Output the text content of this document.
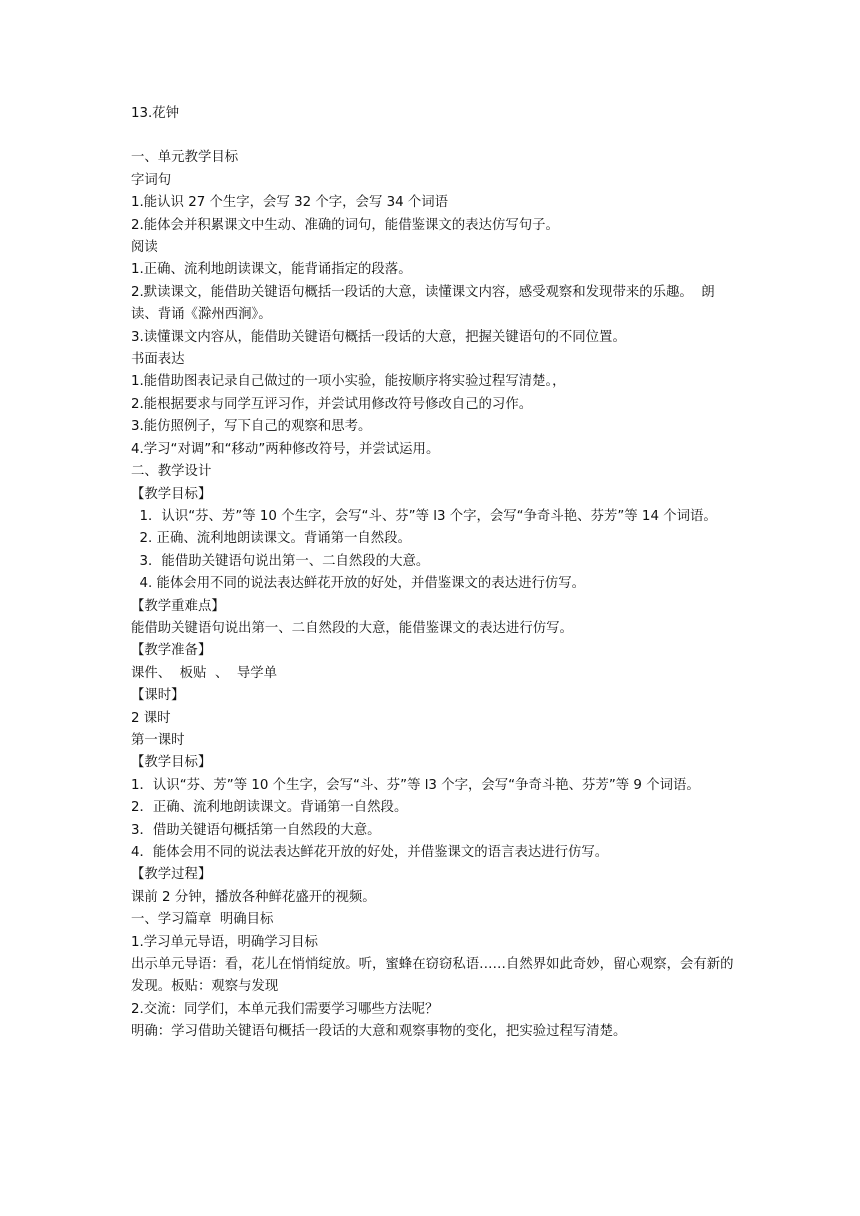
13.花钟

一、单元教学目标

字词句

1.能认识 27 个生字，会写 32 个字，会写 34 个词语

2.能体会并积累课文中生动、准确的词句，能借鉴课文的表达仿写句子。

阅读

1.正确、流利地朗读课文，能背诵指定的段落。

2.默读课文，能借助关键语句概括一段话的大意，读懂课文内容，感受观察和发现带来的乐趣。  朗读、背诵《滁州西涧》。

3.读懂课文内容从，能借助关键语句概括一段话的大意，把握关键语句的不同位置。

书面表达

1.能借助图表记录自己做过的一项小实验，能按顺序将实验过程写清楚。，

2.能根据要求与同学互评习作，并尝试用修改符号修改自己的习作。

3.能仿照例子，写下自己的观察和思考。

4.学习“对调”和“移动”两种修改符号，并尝试运用。

二、教学设计

【教学目标】

1．认识“芬、芳”等 10 个生字，会写“斗、芬”等 l3 个字，会写“争奇斗艳、芬芳”等 14 个词语。

2. 正确、流利地朗读课文。背诵第一自然段。

3．能借助关键语句说出第一、二自然段的大意。

4. 能体会用不同的说法表达鲜花开放的好处，并借鉴课文的表达进行仿写。

【教学重难点】

能借助关键语句说出第一、二自然段的大意，能借鉴课文的表达进行仿写。

【教学准备】

课件、  板贴  、  导学单

【课时】

2 课时

第一课时

【教学目标】

1．认识“芬、芳”等 10 个生字，会写“斗、芬”等 l3 个字，会写“争奇斗艳、芬芳”等 9 个词语。

2．正确、流利地朗读课文。背诵第一自然段。

3．借助关键语句概括第一自然段的大意。

4．能体会用不同的说法表达鲜花开放的好处，并借鉴课文的语言表达进行仿写。

【教学过程】

课前 2 分钟，播放各种鲜花盛开的视频。

一、学习篇章  明确目标

1.学习单元导语，明确学习目标

出示单元导语：看，花儿在悄悄绽放。听，蜜蜂在窃窃私语……自然界如此奇妙，留心观察，会有新的发现。板贴：观察与发现

2.交流：同学们，本单元我们需要学习哪些方法呢？

明确：学习借助关键语句概括一段话的大意和观察事物的变化，把实验过程写清楚。
